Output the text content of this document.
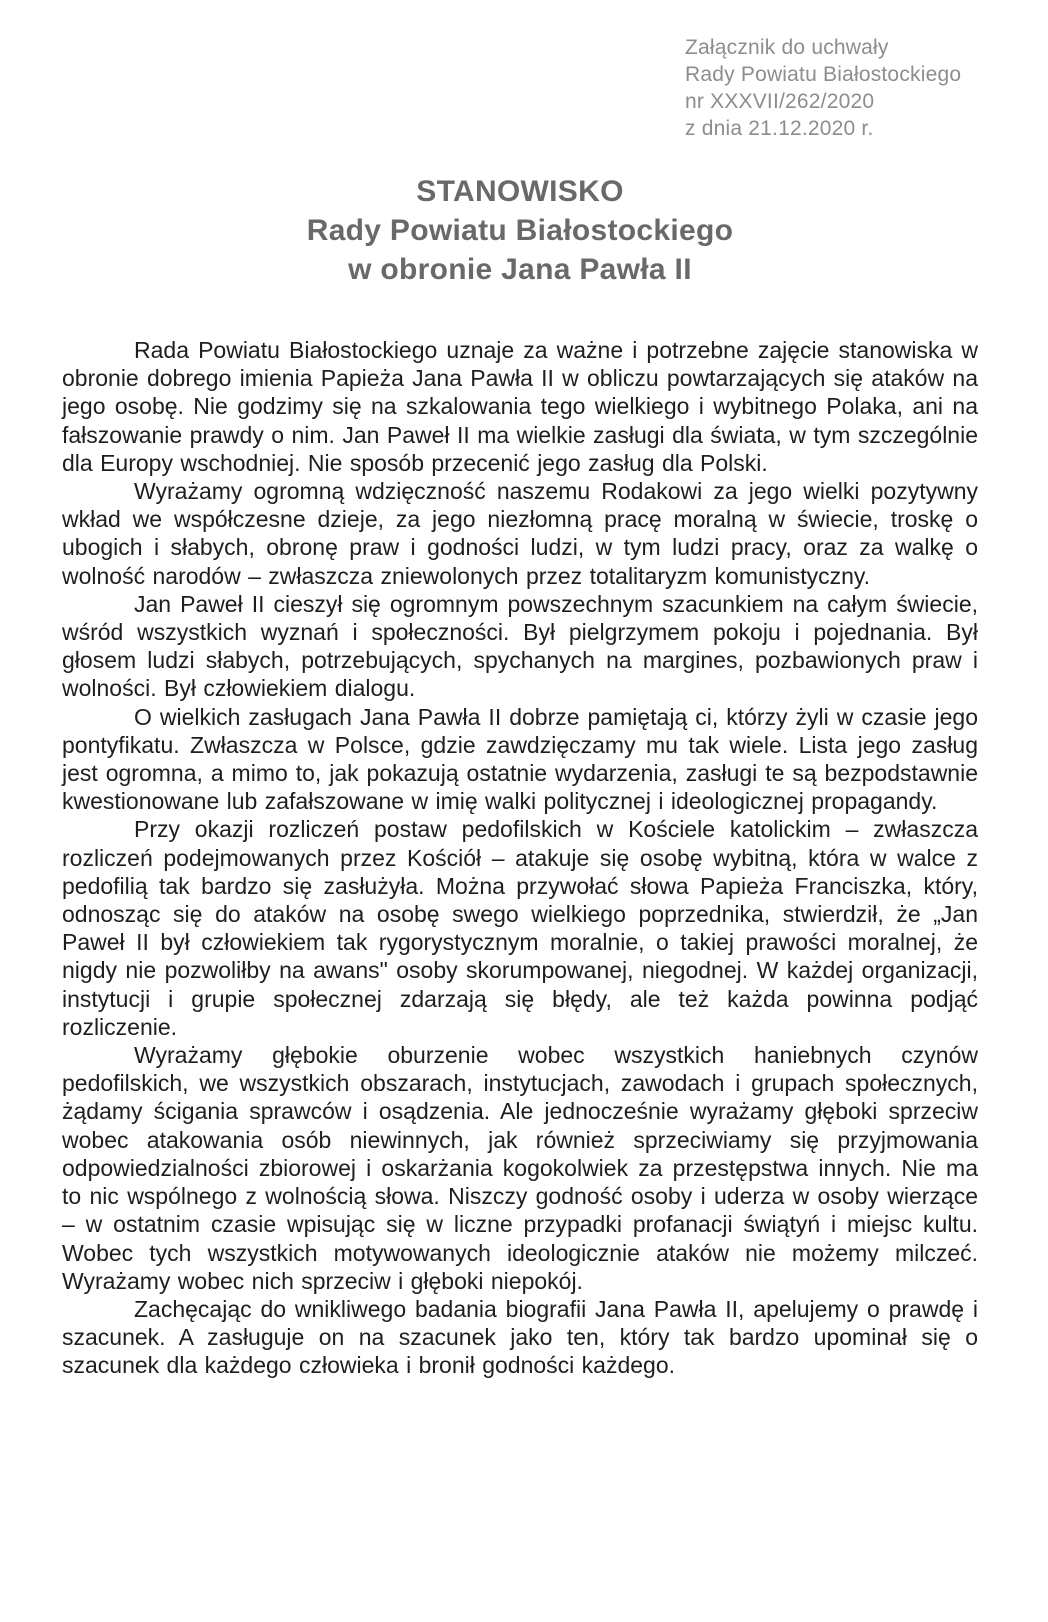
Załącznik do uchwały
Rady Powiatu Białostockiego
nr XXXVII/262/2020
z dnia 21.12.2020 r.
STANOWISKO
Rady Powiatu Białostockiego
w obronie Jana Pawła II

Rada Powiatu Białostockiego uznaje za ważne i potrzebne zajęcie stanowiska w obronie dobrego imienia Papieża Jana Pawła II w obliczu powtarzających się ataków na jego osobę. Nie godzimy się na szkalowania tego wielkiego i wybitnego Polaka, ani na fałszowanie prawdy o nim. Jan Paweł II ma wielkie zasługi dla świata, w tym szczególnie dla Europy wschodniej. Nie sposób przecenić jego zasług dla Polski.

Wyrażamy ogromną wdzięczność naszemu Rodakowi za jego wielki pozytywny wkład we współczesne dzieje, za jego niezłomną pracę moralną w świecie, troskę o ubogich i słabych, obronę praw i godności ludzi, w tym ludzi pracy, oraz za walkę o wolność narodów – zwłaszcza zniewolonych przez totalitaryzm komunistyczny.

Jan Paweł II cieszył się ogromnym powszechnym szacunkiem na całym świecie, wśród wszystkich wyznań i społeczności. Był pielgrzymem pokoju i pojednania. Był głosem ludzi słabych, potrzebujących, spychanych na margines, pozbawionych praw i wolności. Był człowiekiem dialogu.

O wielkich zasługach Jana Pawła II dobrze pamiętają ci, którzy żyli w czasie jego pontyfikatu. Zwłaszcza w Polsce, gdzie zawdzięczamy mu tak wiele. Lista jego zasług jest ogromna, a mimo to, jak pokazują ostatnie wydarzenia, zasługi te są bezpodstawnie kwestionowane lub zafałszowane w imię walki politycznej i ideologicznej propagandy.

Przy okazji rozliczeń postaw pedofilskich w Kościele katolickim – zwłaszcza rozliczeń podejmowanych przez Kościół – atakuje się osobę wybitną, która w walce z pedofilią tak bardzo się zasłużyła. Można przywołać słowa Papieża Franciszka, który, odnosząc się do ataków na osobę swego wielkiego poprzednika, stwierdził, że „Jan Paweł II był człowiekiem tak rygorystycznym moralnie, o takiej prawości moralnej, że nigdy nie pozwoliłby na awans" osoby skorumpowanej, niegodnej. W każdej organizacji, instytucji i grupie społecznej zdarzają się błędy, ale też każda powinna podjąć rozliczenie.

Wyrażamy głębokie oburzenie wobec wszystkich haniebnych czynów pedofilskich, we wszystkich obszarach, instytucjach, zawodach i grupach społecznych, żądamy ścigania sprawców i osądzenia. Ale jednocześnie wyrażamy głęboki sprzeciw wobec atakowania osób niewinnych, jak również sprzeciwiamy się przyjmowania odpowiedzialności zbiorowej i oskarżania kogokolwiek za przestępstwa innych. Nie ma to nic wspólnego z wolnością słowa. Niszczy godność osoby i uderza w osoby wierzące – w ostatnim czasie wpisując się w liczne przypadki profanacji świątyń i miejsc kultu. Wobec tych wszystkich motywowanych ideologicznie ataków nie możemy milczeć. Wyrażamy wobec nich sprzeciw i głęboki niepokój.

Zachęcając do wnikliwego badania biografii Jana Pawła II, apelujemy o prawdę i szacunek. A zasługuje on na szacunek jako ten, który tak bardzo upominał się o szacunek dla każdego człowieka i bronił godności każdego.
